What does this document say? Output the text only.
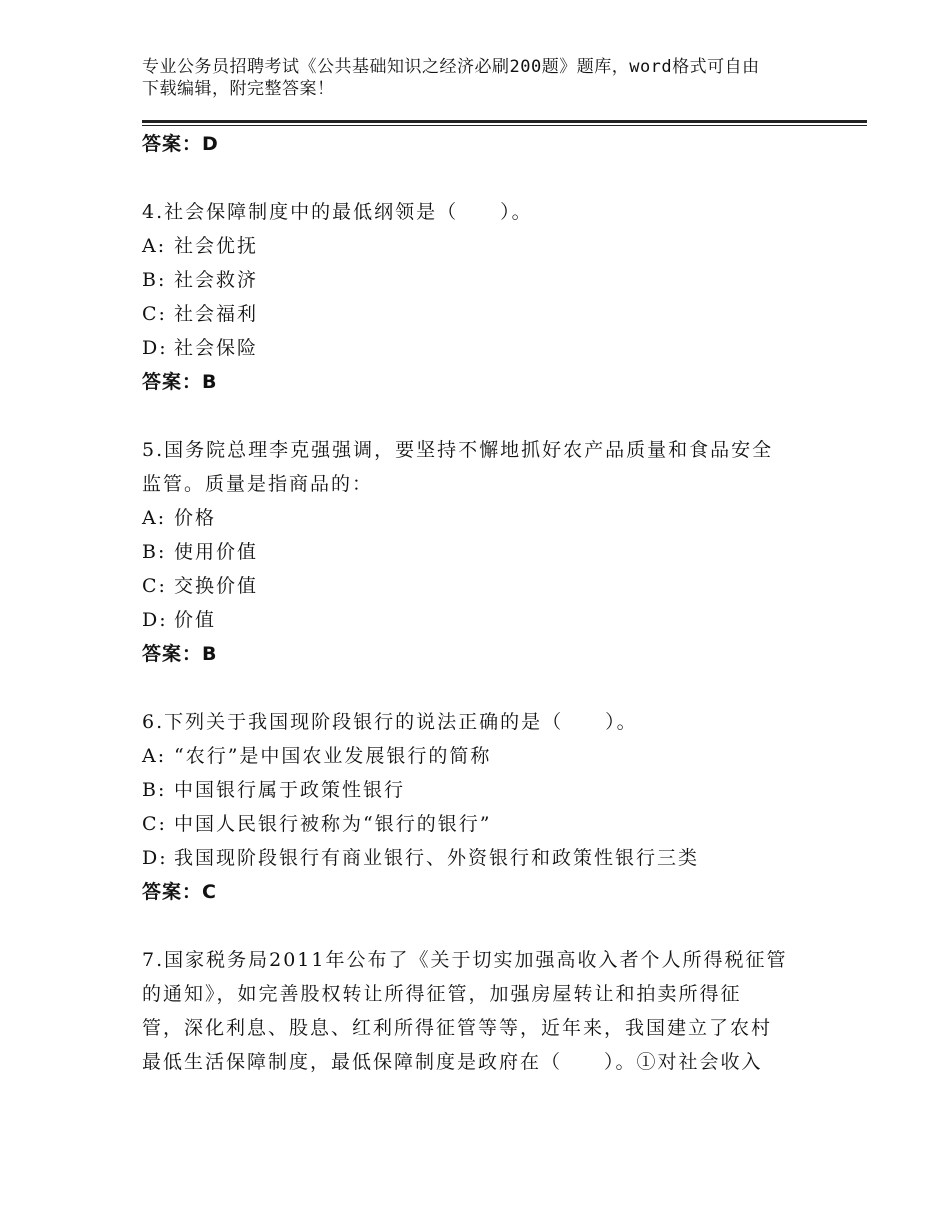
专业公务员招聘考试《公共基础知识之经济必刷200题》题库，word格式可自由
下载编辑，附完整答案！
答案：D
4.社会保障制度中的最低纲领是（　　）。
A: 社会优抚
B: 社会救济
C: 社会福利
D: 社会保险
答案：B
5.国务院总理李克强强调，要坚持不懈地抓好农产品质量和食品安全
监管。质量是指商品的：
A: 价格
B: 使用价值
C: 交换价值
D: 价值
答案：B
6.下列关于我国现阶段银行的说法正确的是（　　）。
A: “农行”是中国农业发展银行的简称
B: 中国银行属于政策性银行
C: 中国人民银行被称为“银行的银行”
D: 我国现阶段银行有商业银行、外资银行和政策性银行三类
答案：C
7.国家税务局2011年公布了《关于切实加强高收入者个人所得税征管
的通知》，如完善股权转让所得征管，加强房屋转让和拍卖所得征
管，深化利息、股息、红利所得征管等等，近年来，我国建立了农村
最低生活保障制度，最低保障制度是政府在（　　）。①对社会收入
